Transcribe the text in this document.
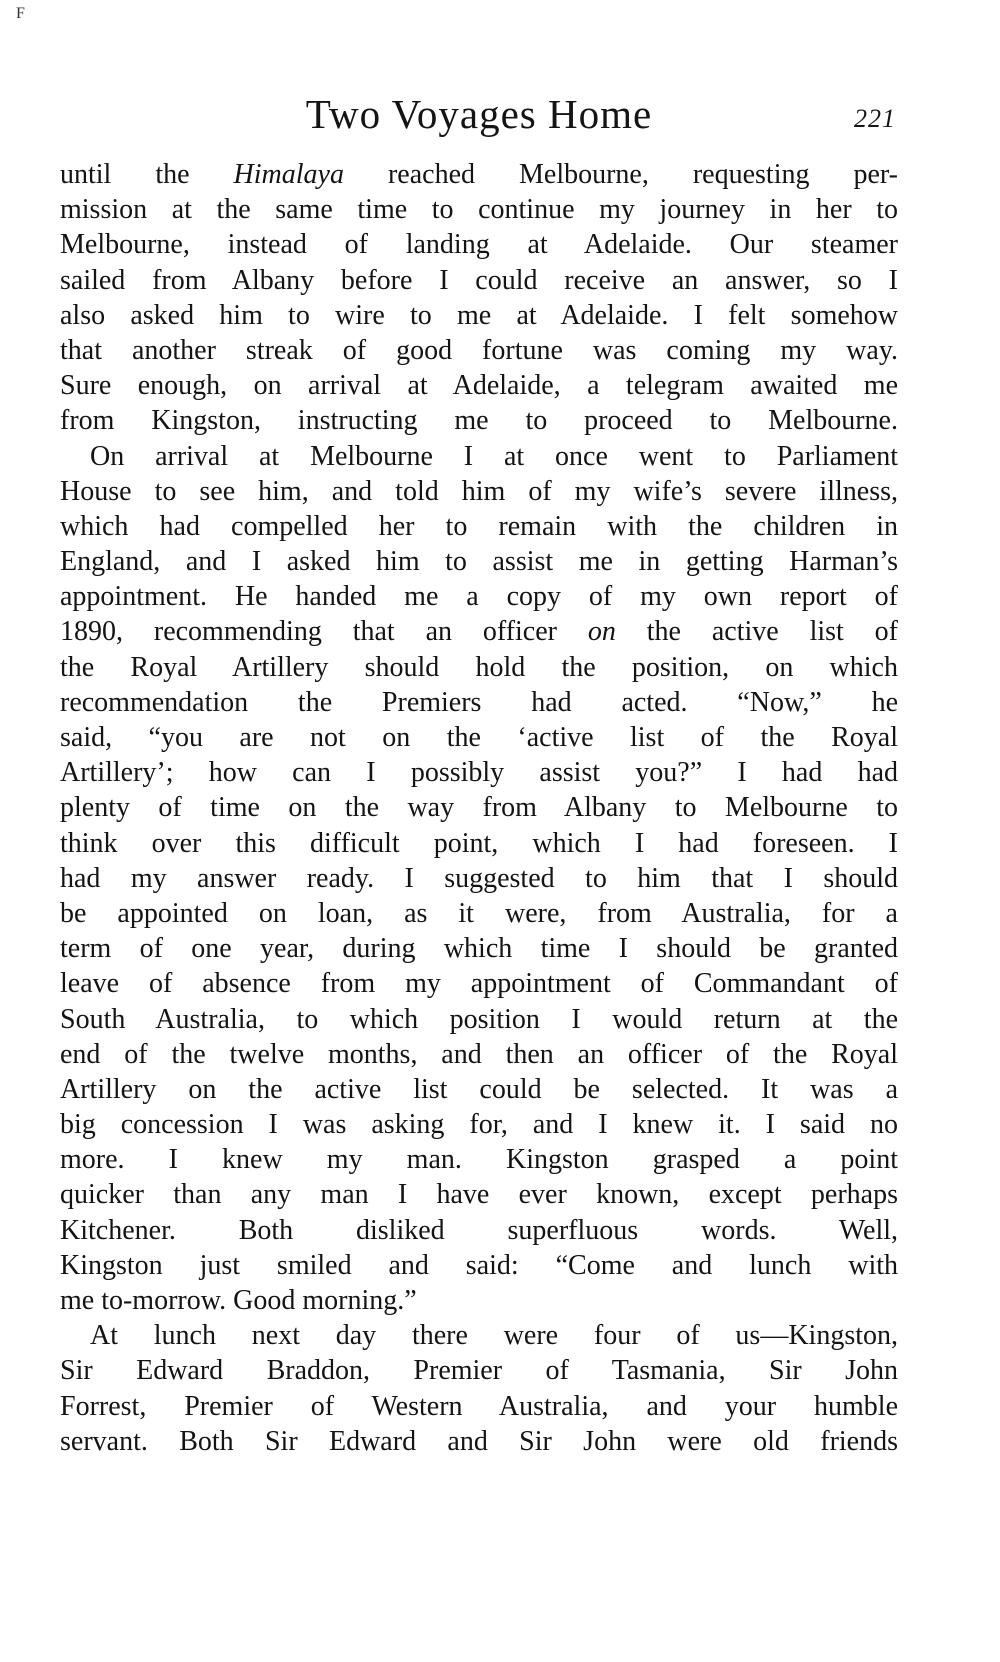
F
Two Voyages Home	221
until the Himalaya reached Melbourne, requesting per-
mission at the same time to continue my journey in her to
Melbourne, instead of landing at Adelaide. Our steamer
sailed from Albany before I could receive an answer, so I
also asked him to wire to me at Adelaide. I felt somehow
that another streak of good fortune was coming my way.
Sure enough, on arrival at Adelaide, a telegram awaited me
from Kingston, instructing me to proceed to Melbourne.
On arrival at Melbourne I at once went to Parliament
House to see him, and told him of my wife’s severe illness,
which had compelled her to remain with the children in
England, and I asked him to assist me in getting Harman’s
appointment. He handed me a copy of my own report of
1890, recommending that an officer on the active list of
the Royal Artillery should hold the position, on which
recommendation the Premiers had acted. “Now,” he
said, “you are not on the ‘active list of the Royal
Artillery’; how can I possibly assist you?” I had had
plenty of time on the way from Albany to Melbourne to
think over this difficult point, which I had foreseen. I
had my answer ready. I suggested to him that I should
be appointed on loan, as it were, from Australia, for a
term of one year, during which time I should be granted
leave of absence from my appointment of Commandant of
South Australia, to which position I would return at the
end of the twelve months, and then an officer of the Royal
Artillery on the active list could be selected. It was a
big concession I was asking for, and I knew it. I said no
more. I knew my man. Kingston grasped a point
quicker than any man I have ever known, except perhaps
Kitchener. Both disliked superfluous words. Well,
Kingston just smiled and said: “Come and lunch with
me to-morrow. Good morning.”
At lunch next day there were four of us—Kingston,
Sir Edward Braddon, Premier of Tasmania, Sir John
Forrest, Premier of Western Australia, and your humble
servant. Both Sir Edward and Sir John were old friends
